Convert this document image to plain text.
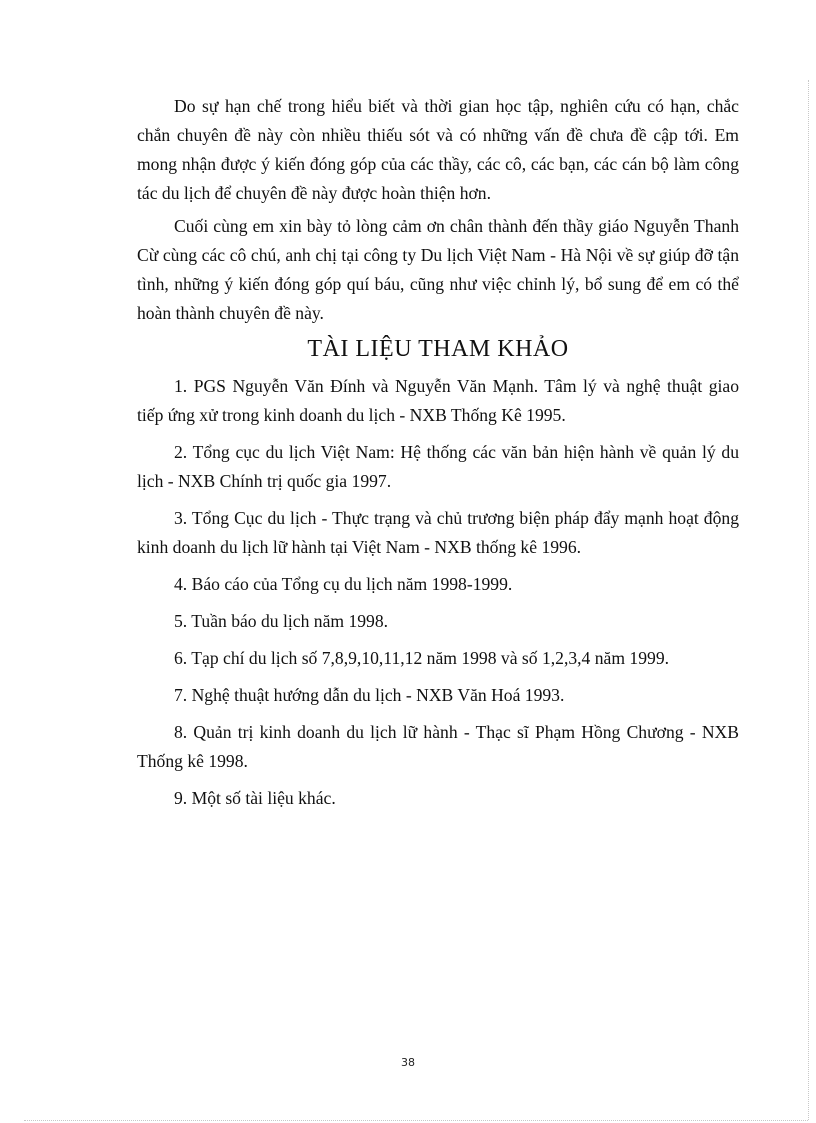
Do sự hạn chế trong hiểu biết và thời gian học tập, nghiên cứu có hạn, chắc chắn chuyên đề này còn nhiều thiếu sót và có những vấn đề chưa đề cập tới. Em mong nhận được ý kiến đóng góp của các thầy, các cô, các bạn, các cán bộ làm công tác du lịch để chuyên đề này được hoàn thiện hơn.

Cuối cùng em xin bày tỏ lòng cảm ơn chân thành đến thầy giáo Nguyễn Thanh Cừ cùng các cô chú, anh chị tại công ty Du lịch Việt Nam - Hà Nội về sự giúp đỡ tận tình, những ý kiến đóng góp quí báu, cũng như việc chỉnh lý, bổ sung để em có thể hoàn thành chuyên đề này.

TÀI LIỆU THAM KHẢO
1. PGS Nguyễn Văn Đính và Nguyễn Văn Mạnh. Tâm lý và nghệ thuật giao tiếp ứng xử trong kinh doanh du lịch - NXB Thống Kê 1995.
2. Tổng cục du lịch Việt Nam: Hệ thống các văn bản hiện hành về quản lý du lịch - NXB Chính trị quốc gia 1997.
3. Tổng Cục du lịch - Thực trạng và chủ trương biện pháp đẩy mạnh hoạt động kinh doanh du lịch lữ hành tại Việt Nam - NXB thống kê 1996.
4. Báo cáo của Tổng cụ du lịch năm 1998-1999.
5. Tuần báo du lịch năm 1998.
6. Tạp chí du lịch số 7,8,9,10,11,12 năm 1998 và số 1,2,3,4 năm 1999.
7. Nghệ thuật hướng dẫn du lịch - NXB Văn Hoá 1993.
8. Quản trị kinh doanh du lịch lữ hành - Thạc sĩ Phạm Hồng Chương - NXB Thống kê 1998.
9. Một số tài liệu khác.
38
